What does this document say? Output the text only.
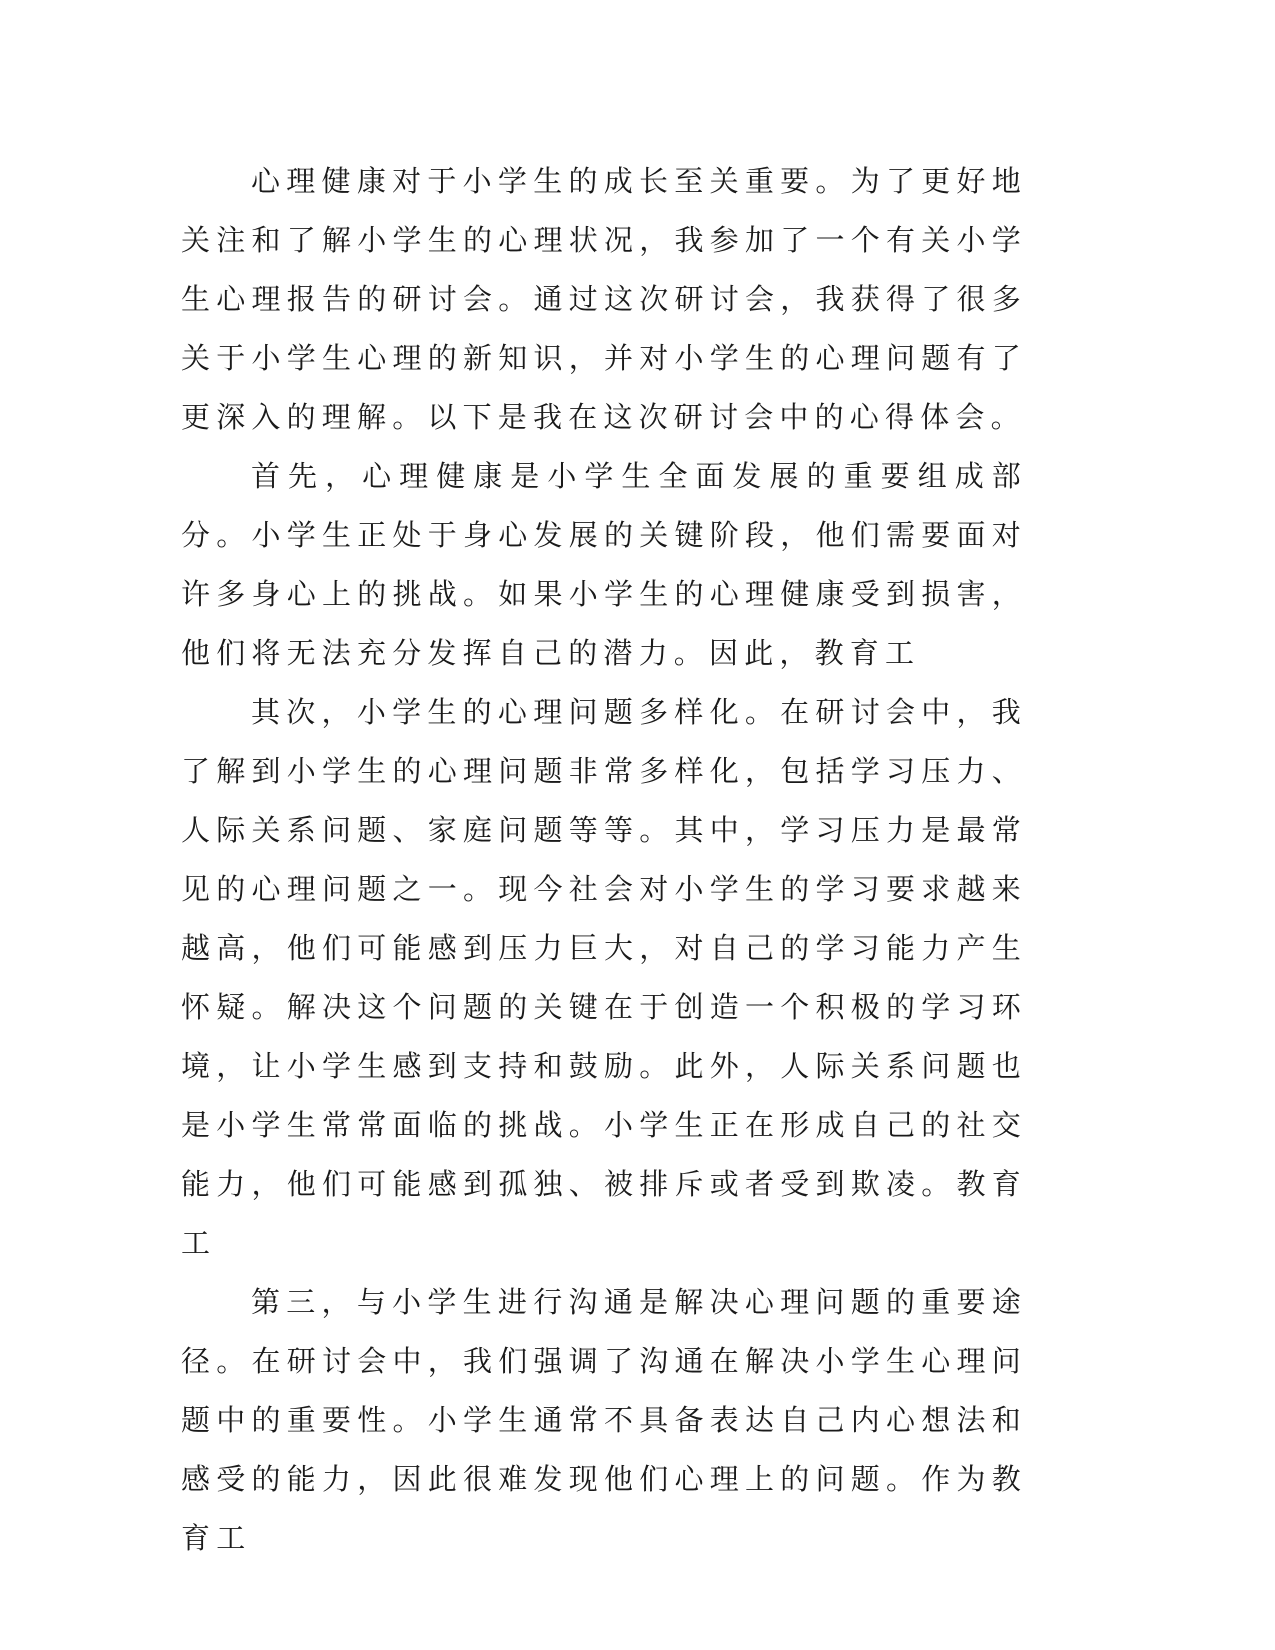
心理健康对于小学生的成长至关重要。为了更好地关注和了解小学生的心理状况，我参加了一个有关小学生心理报告的研讨会。通过这次研讨会，我获得了很多关于小学生心理的新知识，并对小学生的心理问题有了更深入的理解。以下是我在这次研讨会中的心得体会。

首先，心理健康是小学生全面发展的重要组成部分。小学生正处于身心发展的关键阶段，他们需要面对许多身心上的挑战。如果小学生的心理健康受到损害，他们将无法充分发挥自己的潜力。因此，教育工

其次，小学生的心理问题多样化。在研讨会中，我了解到小学生的心理问题非常多样化，包括学习压力、人际关系问题、家庭问题等等。其中，学习压力是最常见的心理问题之一。现今社会对小学生的学习要求越来越高，他们可能感到压力巨大，对自己的学习能力产生怀疑。解决这个问题的关键在于创造一个积极的学习环境，让小学生感到支持和鼓励。此外，人际关系问题也是小学生常常面临的挑战。小学生正在形成自己的社交能力，他们可能感到孤独、被排斥或者受到欺凌。教育工

第三，与小学生进行沟通是解决心理问题的重要途径。在研讨会中，我们强调了沟通在解决小学生心理问题中的重要性。小学生通常不具备表达自己内心想法和感受的能力，因此很难发现他们心理上的问题。作为教育工
